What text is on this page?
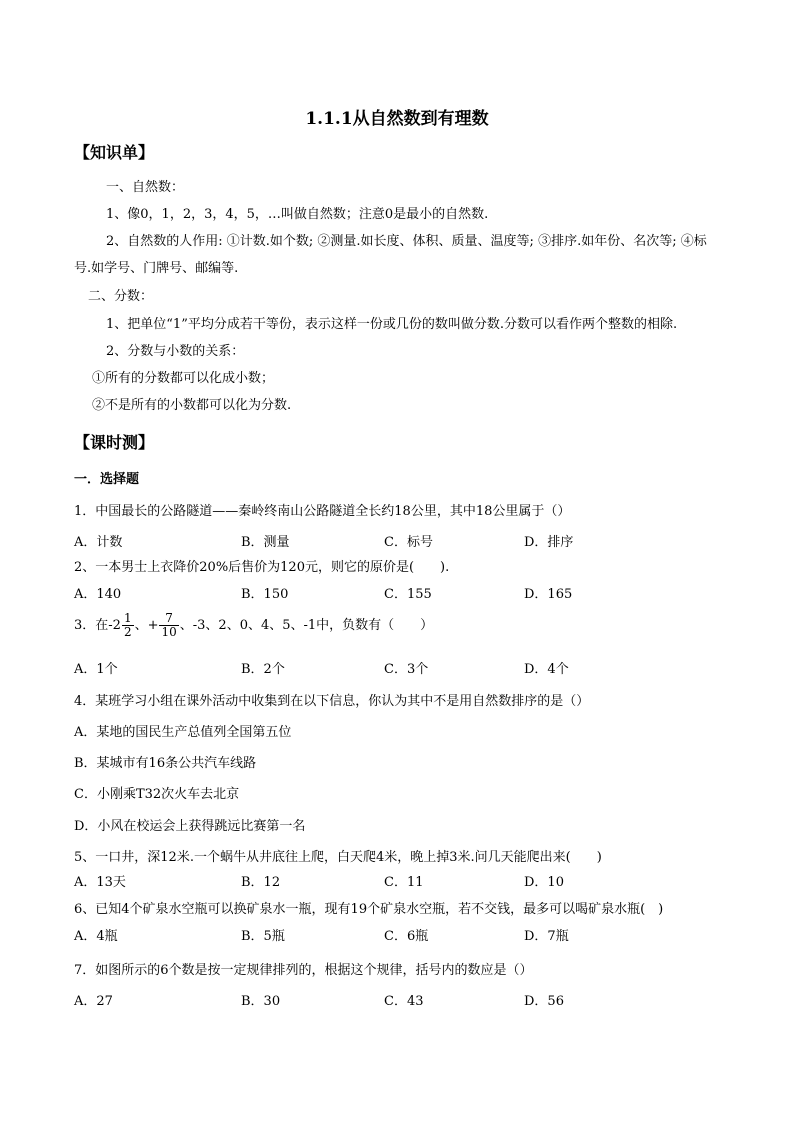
1.1.1从自然数到有理数
【知识单】
一、自然数：
1、像0，1，2，3，4，5，…叫做自然数；注意0是最小的自然数.
2、自然数的人作用: ①计数.如个数; ②测量.如长度、体积、质量、温度等; ③排序.如年份、名次等; ④标
号.如学号、门牌号、邮编等.
二、分数：
1、把单位“1”平均分成若干等份，表示这样一份或几份的数叫做分数.分数可以看作两个整数的相除.
2、分数与小数的关系：
①所有的分数都可以化成小数；
②不是所有的小数都可以化为分数.
【课时测】
一．选择题
1．中国最长的公路隧道——秦岭终南山公路隧道全长约18公里，其中18公里属于（）
A．计数	B．测量	C．标号	D．排序
2、一本男士上衣降价20%后售价为120元，则它的原价是(　　).
A．140	B．150	C．155	D．165
3．在$-2 \frac{1}{2}$ 、+ $\frac{7}{10}$ 、-3、2、0、4、5、-1中，负数有（　　）
A．1个	B．2个	C．3个	D．4个
4．某班学习小组在课外活动中收集到在以下信息，你认为其中不是用自然数排序的是（）
A．某地的国民生产总值列全国第五位
B．某城市有16条公共汽车线路
C．小刚乘T32次火车去北京
D．小风在校运会上获得跳远比赛第一名
5、一口井，深12米.一个蜗牛从井底往上爬，白天爬4米，晚上掉3米.问几天能爬出来(　　)
A．13天	B．12	C．11	D．10
6、已知4个矿泉水空瓶可以换矿泉水一瓶，现有19个矿泉水空瓶，若不交钱，最多可以喝矿泉水瓶(　)
A．4瓶	B．5瓶	C．6瓶	D．7瓶
7．如图所示的6个数是按一定规律排列的，根据这个规律，括号内的数应是（）
A．27	B．30	C．43	D．56
